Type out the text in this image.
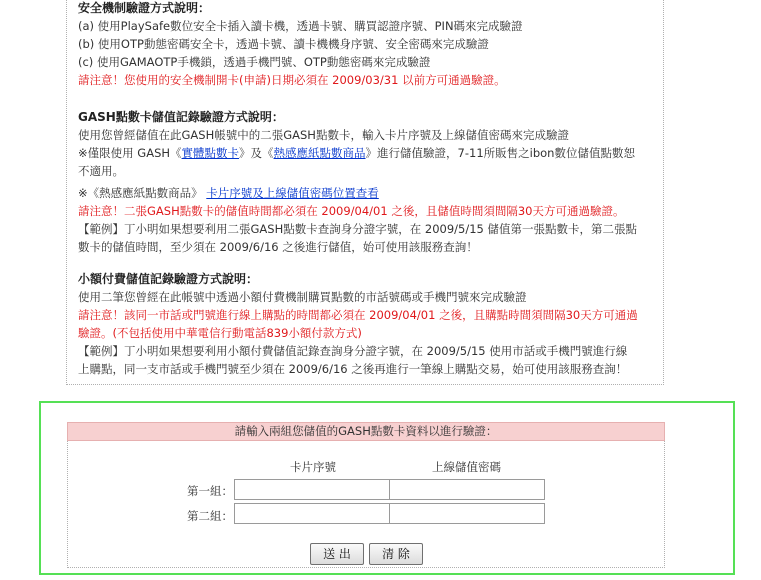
安全機制驗證方式說明：
(a) 使用PlaySafe數位安全卡插入讀卡機，透過卡號、購買認證序號、PIN碼來完成驗證
(b) 使用OTP動態密碼安全卡，透過卡號、讀卡機機身序號、安全密碼來完成驗證
(c) 使用GAMAOTP手機鎖，透過手機門號、OTP動態密碼來完成驗證
請注意！您使用的安全機制開卡(申請)日期必須在 2009/03/31 以前方可通過驗證。
GASH點數卡儲值記錄驗證方式說明：
使用您曾經儲值在此GASH帳號中的二張GASH點數卡，輸入卡片序號及上線儲值密碼來完成驗證
※僅限使用 GASH《實體點數卡》及《熱感應紙點數商品》進行儲值驗證，7-11所販售之ibon數位儲值點數恕
不適用。
※《熱感應紙點數商品》 卡片序號及上線儲值密碼位置查看
請注意！二張GASH點數卡的儲值時間都必須在 2009/04/01 之後，且儲值時間須間隔30天方可通過驗證。
【範例】丁小明如果想要利用二張GASH點數卡查詢身分證字號，在 2009/5/15 儲值第一張點數卡，第二張點
數卡的儲值時間，至少須在 2009/6/16 之後進行儲值，始可使用該服務查詢！
小額付費儲值記錄驗證方式說明：
使用二筆您曾經在此帳號中透過小額付費機制購買點數的市話號碼或手機門號來完成驗證
請注意！該同一市話或門號進行線上購點的時間都必須在 2009/04/01 之後，且購點時間須間隔30天方可通過
驗證。(不包括使用中華電信行動電話839小額付款方式)
【範例】丁小明如果想要利用小額付費儲值記錄查詢身分證字號，在 2009/5/15 使用市話或手機門號進行線
上購點，同一支市話或手機門號至少須在 2009/6/16 之後再進行一筆線上購點交易，始可使用該服務查詢！
請輸入兩組您儲值的GASH點數卡資料以進行驗證：
卡片序號	上線儲值密碼
第一組：
第二組：
送 出	清 除
